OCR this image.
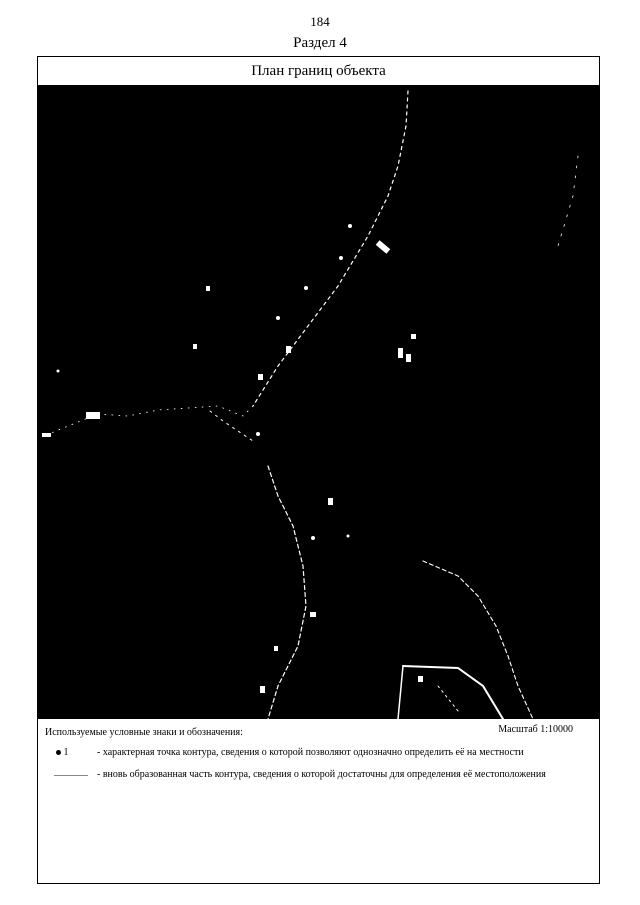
184
Раздел 4
План границ объекта
Используемые условные знаки и обозначения:	Масштаб 1:10000
1	- характерная точка контура, сведения о которой позволяют однозначно определить её на местности
- вновь образованная часть контура, сведения о которой достаточны для определения её местоположения
